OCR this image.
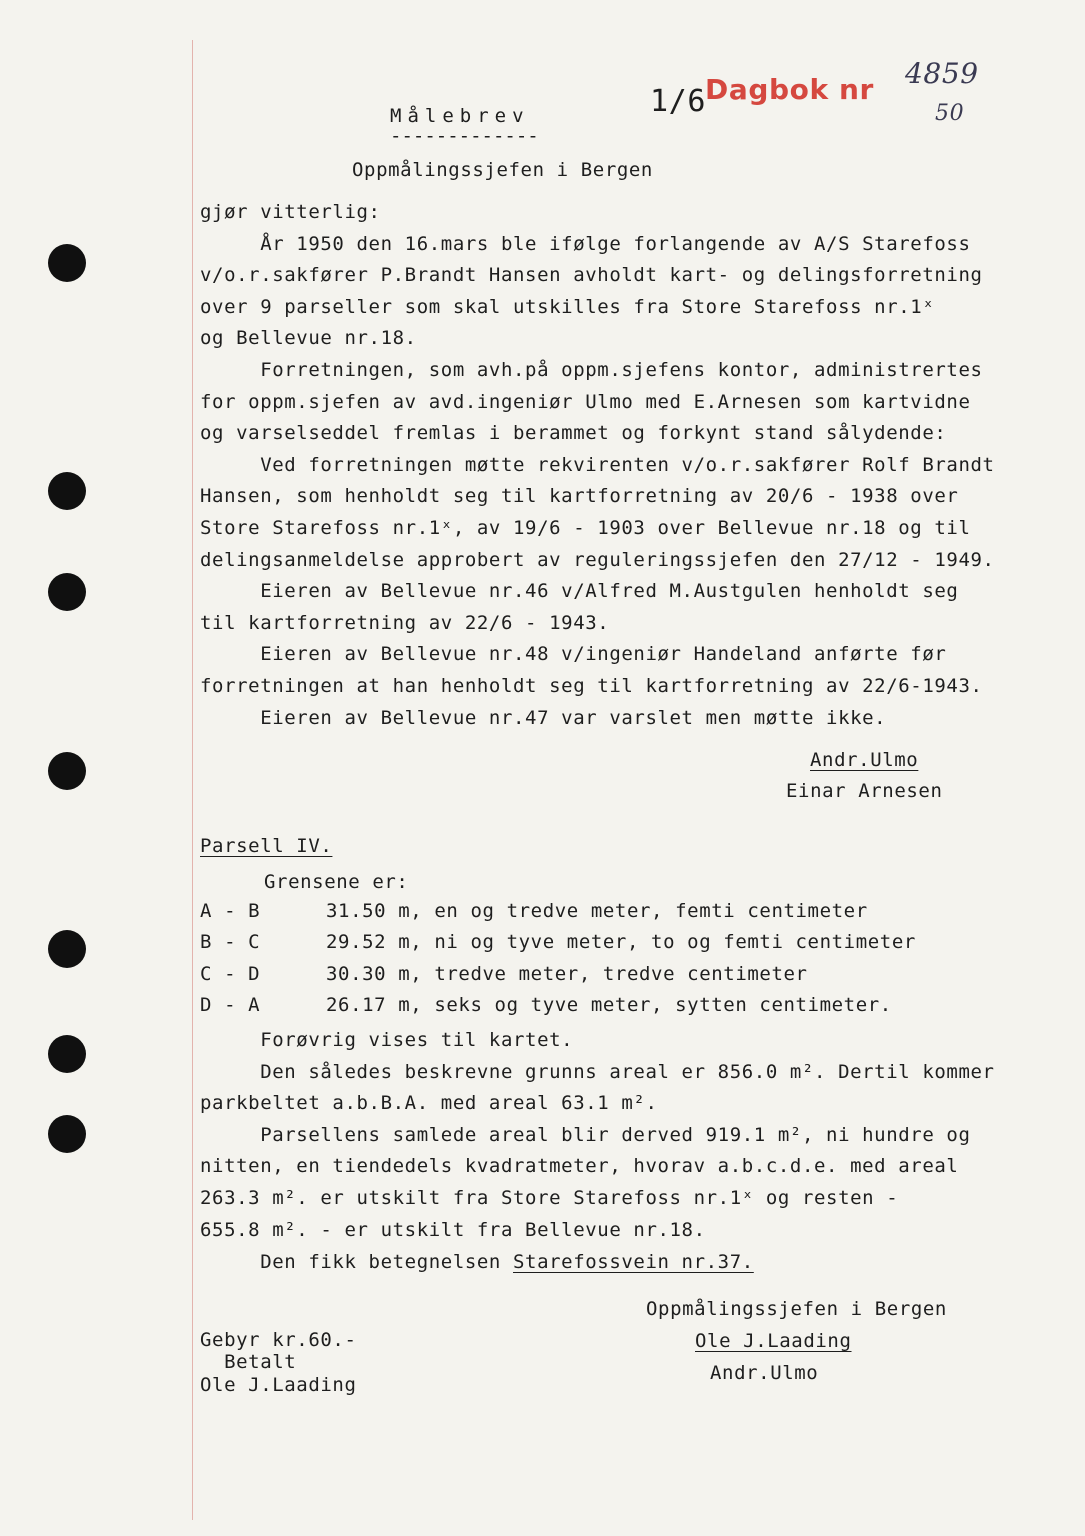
Målebrev
-------------
1/6 Dagbok nr 4859
50
Oppmålingssjefen i Bergen
gjør vitterlig:
År 1950 den 16.mars ble ifølge forlangende av A/S Starefoss
v/o.r.sakfører P.Brandt Hansen avholdt kart- og delingsforretning
over 9 parseller som skal utskilles fra Store Starefoss nr.1ˣ
og Bellevue nr.18.
Forretningen, som avh.på oppm.sjefens kontor, administrertes
for oppm.sjefen av avd.ingeniør Ulmo med E.Arnesen som kartvidne
og varselseddel fremlas i berammet og forkynt stand sålydende:
Ved forretningen møtte rekvirenten v/o.r.sakfører Rolf Brandt
Hansen, som henholdt seg til kartforretning av 20/6 - 1938 over
Store Starefoss nr.1ˣ, av 19/6 - 1903 over Bellevue nr.18 og til
delingsanmeldelse approbert av reguleringssjefen den 27/12 - 1949.
Eieren av Bellevue nr.46 v/Alfred M.Austgulen henholdt seg
til kartforretning av 22/6 - 1943.
Eieren av Bellevue nr.48 v/ingeniør Handeland anførte før
forretningen at han henholdt seg til kartforretning av 22/6-1943.
Eieren av Bellevue nr.47 var varslet men møtte ikke.
Andr.Ulmo
Einar Arnesen
Parsell IV.
Grensene er:
A - B	31.50 m, en og tredve meter, femti centimeter
B - C	29.52 m, ni og tyve meter, to og femti centimeter
C - D	30.30 m, tredve meter, tredve centimeter
D - A	26.17 m, seks og tyve meter, sytten centimeter.
Forøvrig vises til kartet.
Den således beskrevne grunns areal er 856.0 m². Dertil kommer
parkbeltet a.b.B.A. med areal 63.1 m².
Parsellens samlede areal blir derved 919.1 m², ni hundre og
nitten, en tiendedels kvadratmeter, hvorav a.b.c.d.e. med areal
263.3 m². er utskilt fra Store Starefoss nr.1ˣ og resten -
655.8 m². - er utskilt fra Bellevue nr.18.
Den fikk betegnelsen Starefossvein nr.37.
Oppmålingssjefen i Bergen
Ole J.Laading
Andr.Ulmo
Gebyr kr.60.-
Betalt
Ole J.Laading
